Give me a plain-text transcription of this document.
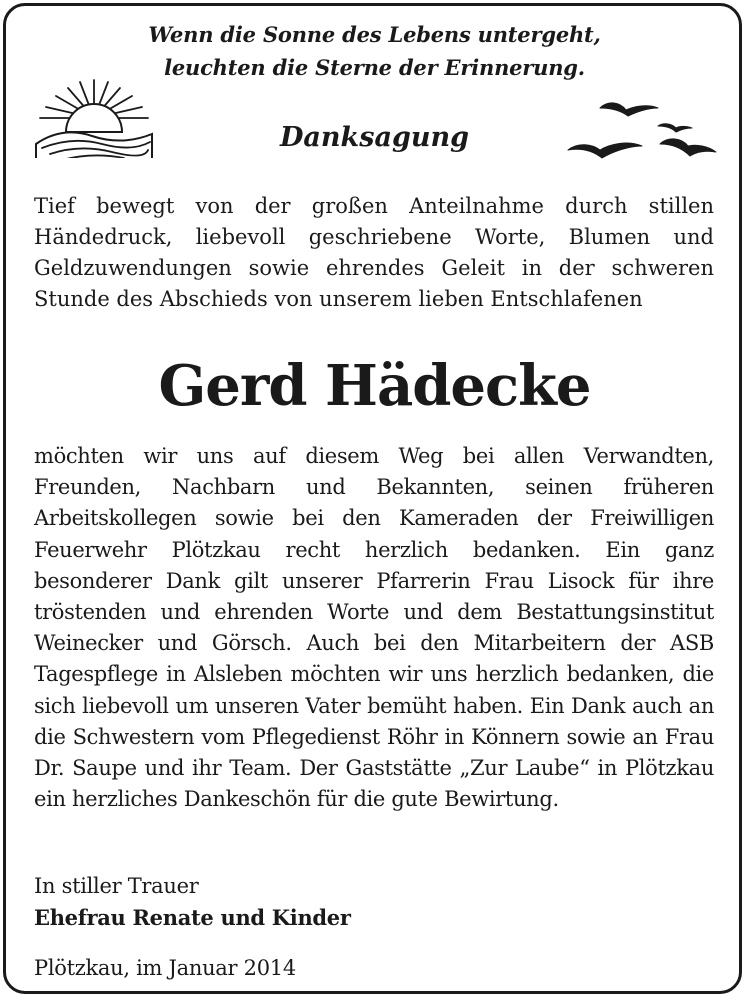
Wenn die Sonne des Lebens untergeht,
leuchten die Sterne der Erinnerung.
Danksagung
Tief bewegt von der großen Anteilnahme durch stillen Händedruck, liebevoll geschriebene Worte, Blumen und Geldzuwendungen sowie ehrendes Geleit in der schweren Stunde des Abschieds von unserem lieben Entschlafenen
Gerd Hädecke
möchten wir uns auf diesem Weg bei allen Verwandten, Freunden, Nachbarn und Bekannten, seinen früheren Arbeitskollegen sowie bei den Kameraden der Freiwilligen Feuerwehr Plötzkau recht herzlich bedanken. Ein ganz besonderer Dank gilt unserer Pfarrerin Frau Lisock für ihre tröstenden und ehrenden Worte und dem Bestattungsinstitut Weinecker und Görsch. Auch bei den Mitarbeitern der ASB Tagespflege in Alsleben möchten wir uns herzlich bedanken, die sich liebevoll um unseren Vater bemüht haben. Ein Dank auch an die Schwestern vom Pflegedienst Röhr in Könnern sowie an Frau Dr. Saupe und ihr Team. Der Gaststätte „Zur Laube“ in Plötzkau ein herzliches Dankeschön für die gute Bewirtung.
In stiller Trauer
Ehefrau Renate und Kinder
Plötzkau, im Januar 2014
